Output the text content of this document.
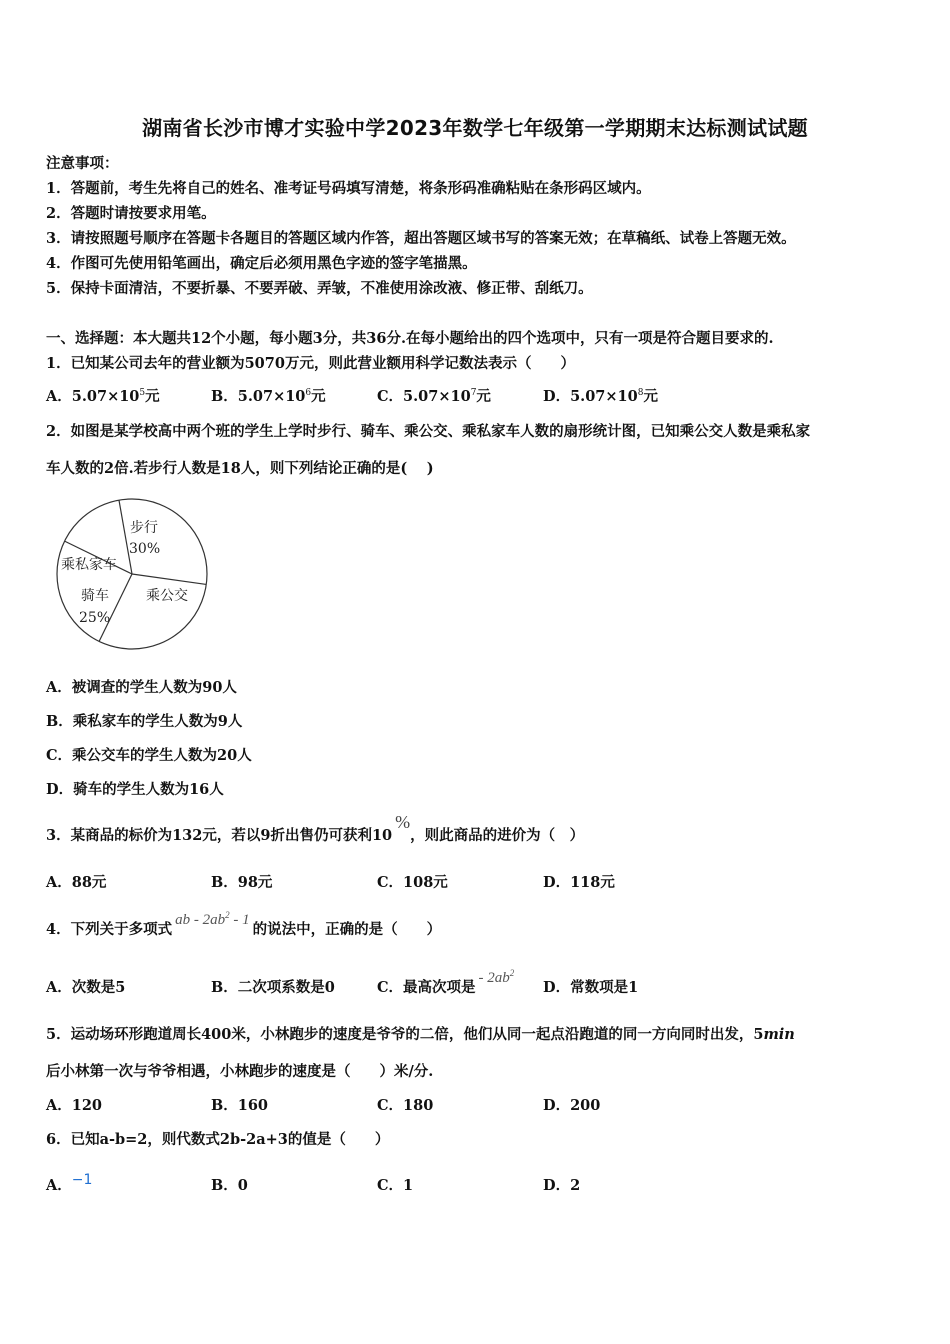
湖南省长沙市博才实验中学2023年数学七年级第一学期期末达标测试试题
注意事项：
1．答题前，考生先将自己的姓名、准考证号码填写清楚，将条形码准确粘贴在条形码区域内。
2．答题时请按要求用笔。
3．请按照题号顺序在答题卡各题目的答题区域内作答，超出答题区域书写的答案无效；在草稿纸、试卷上答题无效。
4．作图可先使用铅笔画出，确定后必须用黑色字迹的签字笔描黑。
5．保持卡面清洁，不要折暴、不要弄破、弄皱，不准使用涂改液、修正带、刮纸刀。
一、选择题：本大题共12个小题，每小题3分，共36分.在每小题给出的四个选项中，只有一项是符合题目要求的.
1．已知某公司去年的营业额为5070万元，则此营业额用科学记数法表示（　　）
A．$5.07\times 10^5$元	B．$5.07\times 10^6$元	C．$5.07\times 10^7$元	D．$5.07\times 10^8$元
2．如图是某学校高中两个班的学生上学时步行、骑车、乘公交、乘私家车人数的扇形统计图，已知乘公交人数是乘私家
车人数的2倍.若步行人数是18人，则下列结论正确的是(　 )
步行
30%
乘公交
骑车
25%
乘私家车
A．被调查的学生人数为90人
B．乘私家车的学生人数为9人
C．乘公交车的学生人数为20人
D．骑车的学生人数为16人
3．某商品的标价为132元，若以9折出售仍可获利10%，则此商品的进价为（　）
A．88元	B．98元	C．108元	D．118元
4．下列关于多项式ab - $2ab^2 - 1$的说法中，正确的是（　　）
A．次数是5	B．二次项系数是0	C．最高次项是- $2ab^2$
D．常数项是1
5．运动场环形跑道周长400米，小林跑步的速度是爷爷的二倍，他们从同一起点沿跑道的同一方向同时出发，5min
后小林第一次与爷爷相遇，小林跑步的速度是（　　）米/分.
A．120	B．160	C．180	D．200
6．已知a-b=2，则代数式2b-2a+3的值是（　　）
A．−1	B．0	C．1	D．2
